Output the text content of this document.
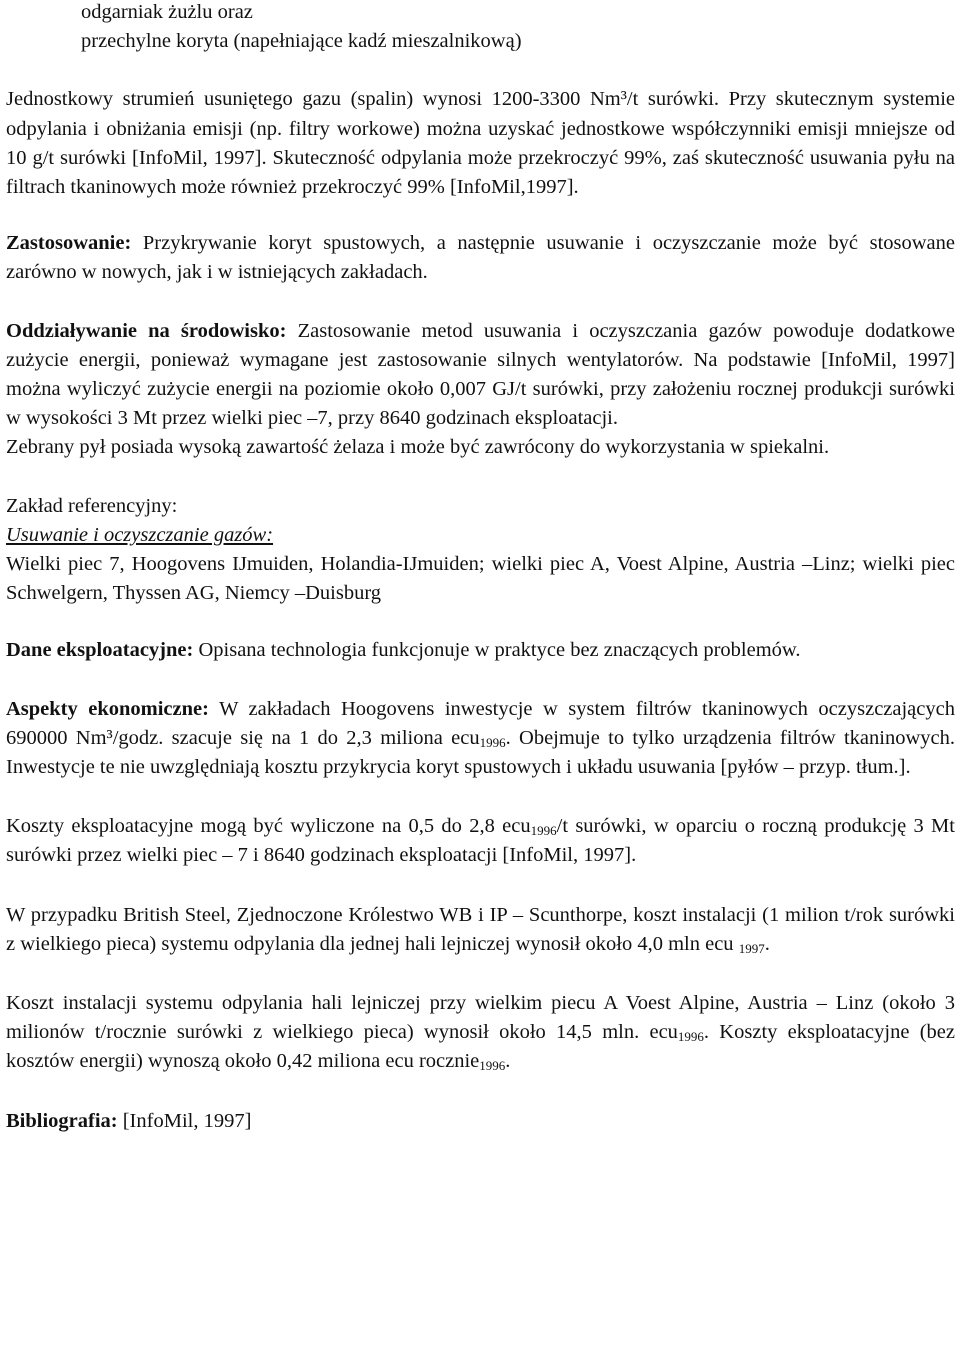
odgarniak żużlu oraz
przechylne koryta (napełniające kadź mieszalnikową)

Jednostkowy strumień usuniętego gazu (spalin) wynosi 1200-3300 Nm³/t surówki. Przy skutecznym systemie odpylania i obniżania emisji (np. filtry workowe) można uzyskać jednostkowe współczynniki emisji mniejsze od 10 g/t surówki [InfoMil, 1997]. Skuteczność odpylania może przekroczyć 99%, zaś skuteczność usuwania pyłu na filtrach tkaninowych może również przekroczyć 99% [InfoMil,1997].

Zastosowanie: Przykrywanie koryt spustowych, a następnie usuwanie i oczyszczanie może być stosowane zarówno w nowych, jak i w istniejących zakładach.

Oddziaływanie na środowisko: Zastosowanie metod usuwania i oczyszczania gazów powoduje dodatkowe zużycie energii, ponieważ wymagane jest zastosowanie silnych wentylatorów. Na podstawie [InfoMil, 1997] można wyliczyć zużycie energii na poziomie około 0,007 GJ/t surówki, przy założeniu rocznej produkcji surówki w wysokości 3 Mt przez wielki piec –7, przy 8640 godzinach eksploatacji.

Zebrany pył posiada wysoką zawartość żelaza i może być zawrócony do wykorzystania w spiekalni.

Zakład referencyjny:

Usuwanie i oczyszczanie gazów:

Wielki piec 7, Hoogovens IJmuiden, Holandia-IJmuiden; wielki piec A, Voest Alpine, Austria –Linz; wielki piec Schwelgern, Thyssen AG, Niemcy –Duisburg

Dane eksploatacyjne: Opisana technologia funkcjonuje w praktyce bez znaczących problemów.

Aspekty ekonomiczne: W zakładach Hoogovens inwestycje w system filtrów tkaninowych oczyszczających 690000 Nm³/godz. szacuje się na 1 do 2,3 miliona ecu$_{1996}$. Obejmuje to tylko urządzenia filtrów tkaninowych. Inwestycje te nie uwzględniają kosztu przykrycia koryt spustowych i układu usuwania [pyłów – przyp. tłum.].

Koszty eksploatacyjne mogą być wyliczone na 0,5 do 2,8 ecu$_{1996}$/t surówki, w oparciu o roczną produkcję 3 Mt surówki przez wielki piec – 7 i 8640 godzinach eksploatacji [InfoMil, 1997].

W przypadku British Steel, Zjednoczone Królestwo WB i IP – Scunthorpe, koszt instalacji (1 milion t/rok surówki z wielkiego pieca) systemu odpylania dla jednej hali lejniczej wynosił około 4,0 mln ecu $_{1997}$.

Koszt instalacji systemu odpylania hali lejniczej przy wielkim piecu A Voest Alpine, Austria – Linz (około 3 milionów t/rocznie surówki z wielkiego pieca) wynosił około 14,5 mln. ecu$_{1996}$. Koszty eksploatacyjne (bez kosztów energii) wynoszą około 0,42 miliona ecu rocznie$_{1996}$.

Bibliografia: [InfoMil, 1997]
